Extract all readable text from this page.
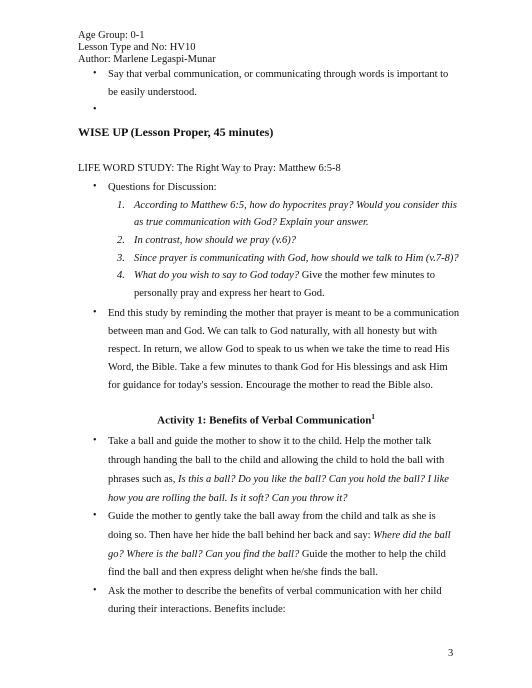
Age Group: 0-1
Lesson Type and No: HV10
Author: Marlene Legaspi-Munar
• Say that verbal communication, or communicating through words is important to
be easily understood.
•
WISE UP (Lesson Proper, 45 minutes)
LIFE WORD STUDY: The Right Way to Pray: Matthew 6:5-8
• Questions for Discussion:
1. According to Matthew 6:5, how do hypocrites pray? Would you consider this
as true communication with God? Explain your answer.
2. In contrast, how should we pray (v.6)?
3. Since prayer is communicating with God, how should we talk to Him (v.7-8)?
4. What do you wish to say to God today? Give the mother few minutes to
personally pray and express her heart to God.
• End this study by reminding the mother that prayer is meant to be a communication
between man and God. We can talk to God naturally, with all honesty but with
respect. In return, we allow God to speak to us when we take the time to read His
Word, the Bible. Take a few minutes to thank God for His blessings and ask Him
for guidance for today's session. Encourage the mother to read the Bible also.
Activity 1: Benefits of Verbal Communication$^1$
• Take a ball and guide the mother to show it to the child. Help the mother talk
through handing the ball to the child and allowing the child to hold the ball with
phrases such as, Is this a ball? Do you like the ball? Can you hold the ball? I like
how you are rolling the ball. Is it soft? Can you throw it?
• Guide the mother to gently take the ball away from the child and talk as she is
doing so. Then have her hide the ball behind her back and say: Where did the ball
go? Where is the ball? Can you find the ball? Guide the mother to help the child
find the ball and then express delight when he/she finds the ball.
• Ask the mother to describe the benefits of verbal communication with her child
during their interactions. Benefits include:
3
